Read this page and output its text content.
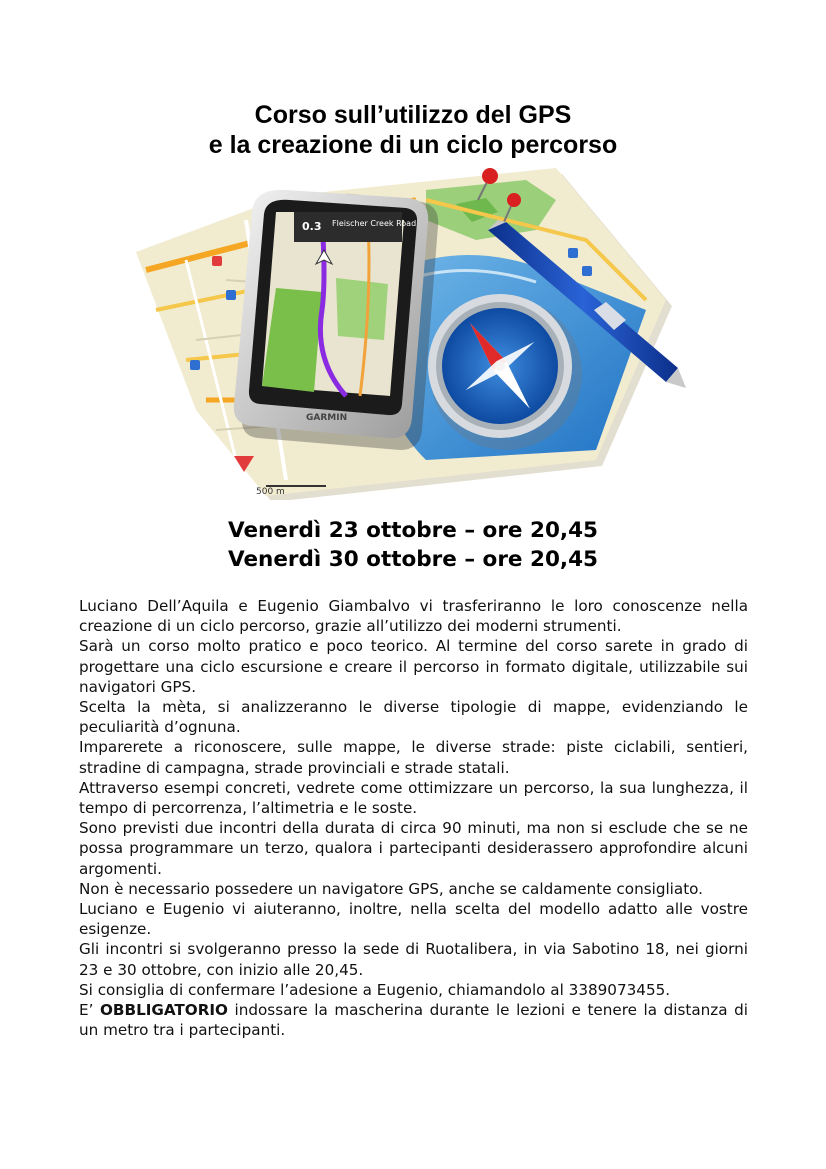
Corso sull’utilizzo del GPS
e la creazione di un ciclo percorso
500 m
0.3 Fleischer Creek Road
GARMIN
Venerdì 23 ottobre – ore 20,45
Venerdì 30 ottobre – ore 20,45

Luciano Dell’Aquila e Eugenio Giambalvo vi trasferiranno le loro conoscenze nella creazione di un ciclo percorso, grazie all’utilizzo dei moderni strumenti.

Sarà un corso molto pratico e poco teorico. Al termine del corso sarete in grado di progettare una ciclo escursione e creare il percorso in formato digitale, utilizzabile sui navigatori GPS.

Scelta la mèta, si analizzeranno le diverse tipologie di mappe, evidenziando le peculiarità d’ognuna.

Imparerete a riconoscere, sulle mappe, le diverse strade: piste ciclabili, sentieri, stradine di campagna, strade provinciali e strade statali.

Attraverso esempi concreti, vedrete come ottimizzare un percorso, la sua lunghezza, il tempo di percorrenza, l’altimetria e le soste.

Sono previsti due incontri della durata di circa 90 minuti, ma non si esclude che se ne possa programmare un terzo, qualora i partecipanti desiderassero approfondire alcuni argomenti.

Non è necessario possedere un navigatore GPS, anche se caldamente consigliato.

Luciano e Eugenio vi aiuteranno, inoltre, nella scelta del modello adatto alle vostre esigenze.

Gli incontri si svolgeranno presso la sede di Ruotalibera, in via Sabotino 18, nei giorni 23 e 30 ottobre, con inizio alle 20,45.

Si consiglia di confermare l’adesione a Eugenio, chiamandolo al 3389073455.

E’ OBBLIGATORIO indossare la mascherina durante le lezioni e tenere la distanza di un metro tra i partecipanti.
